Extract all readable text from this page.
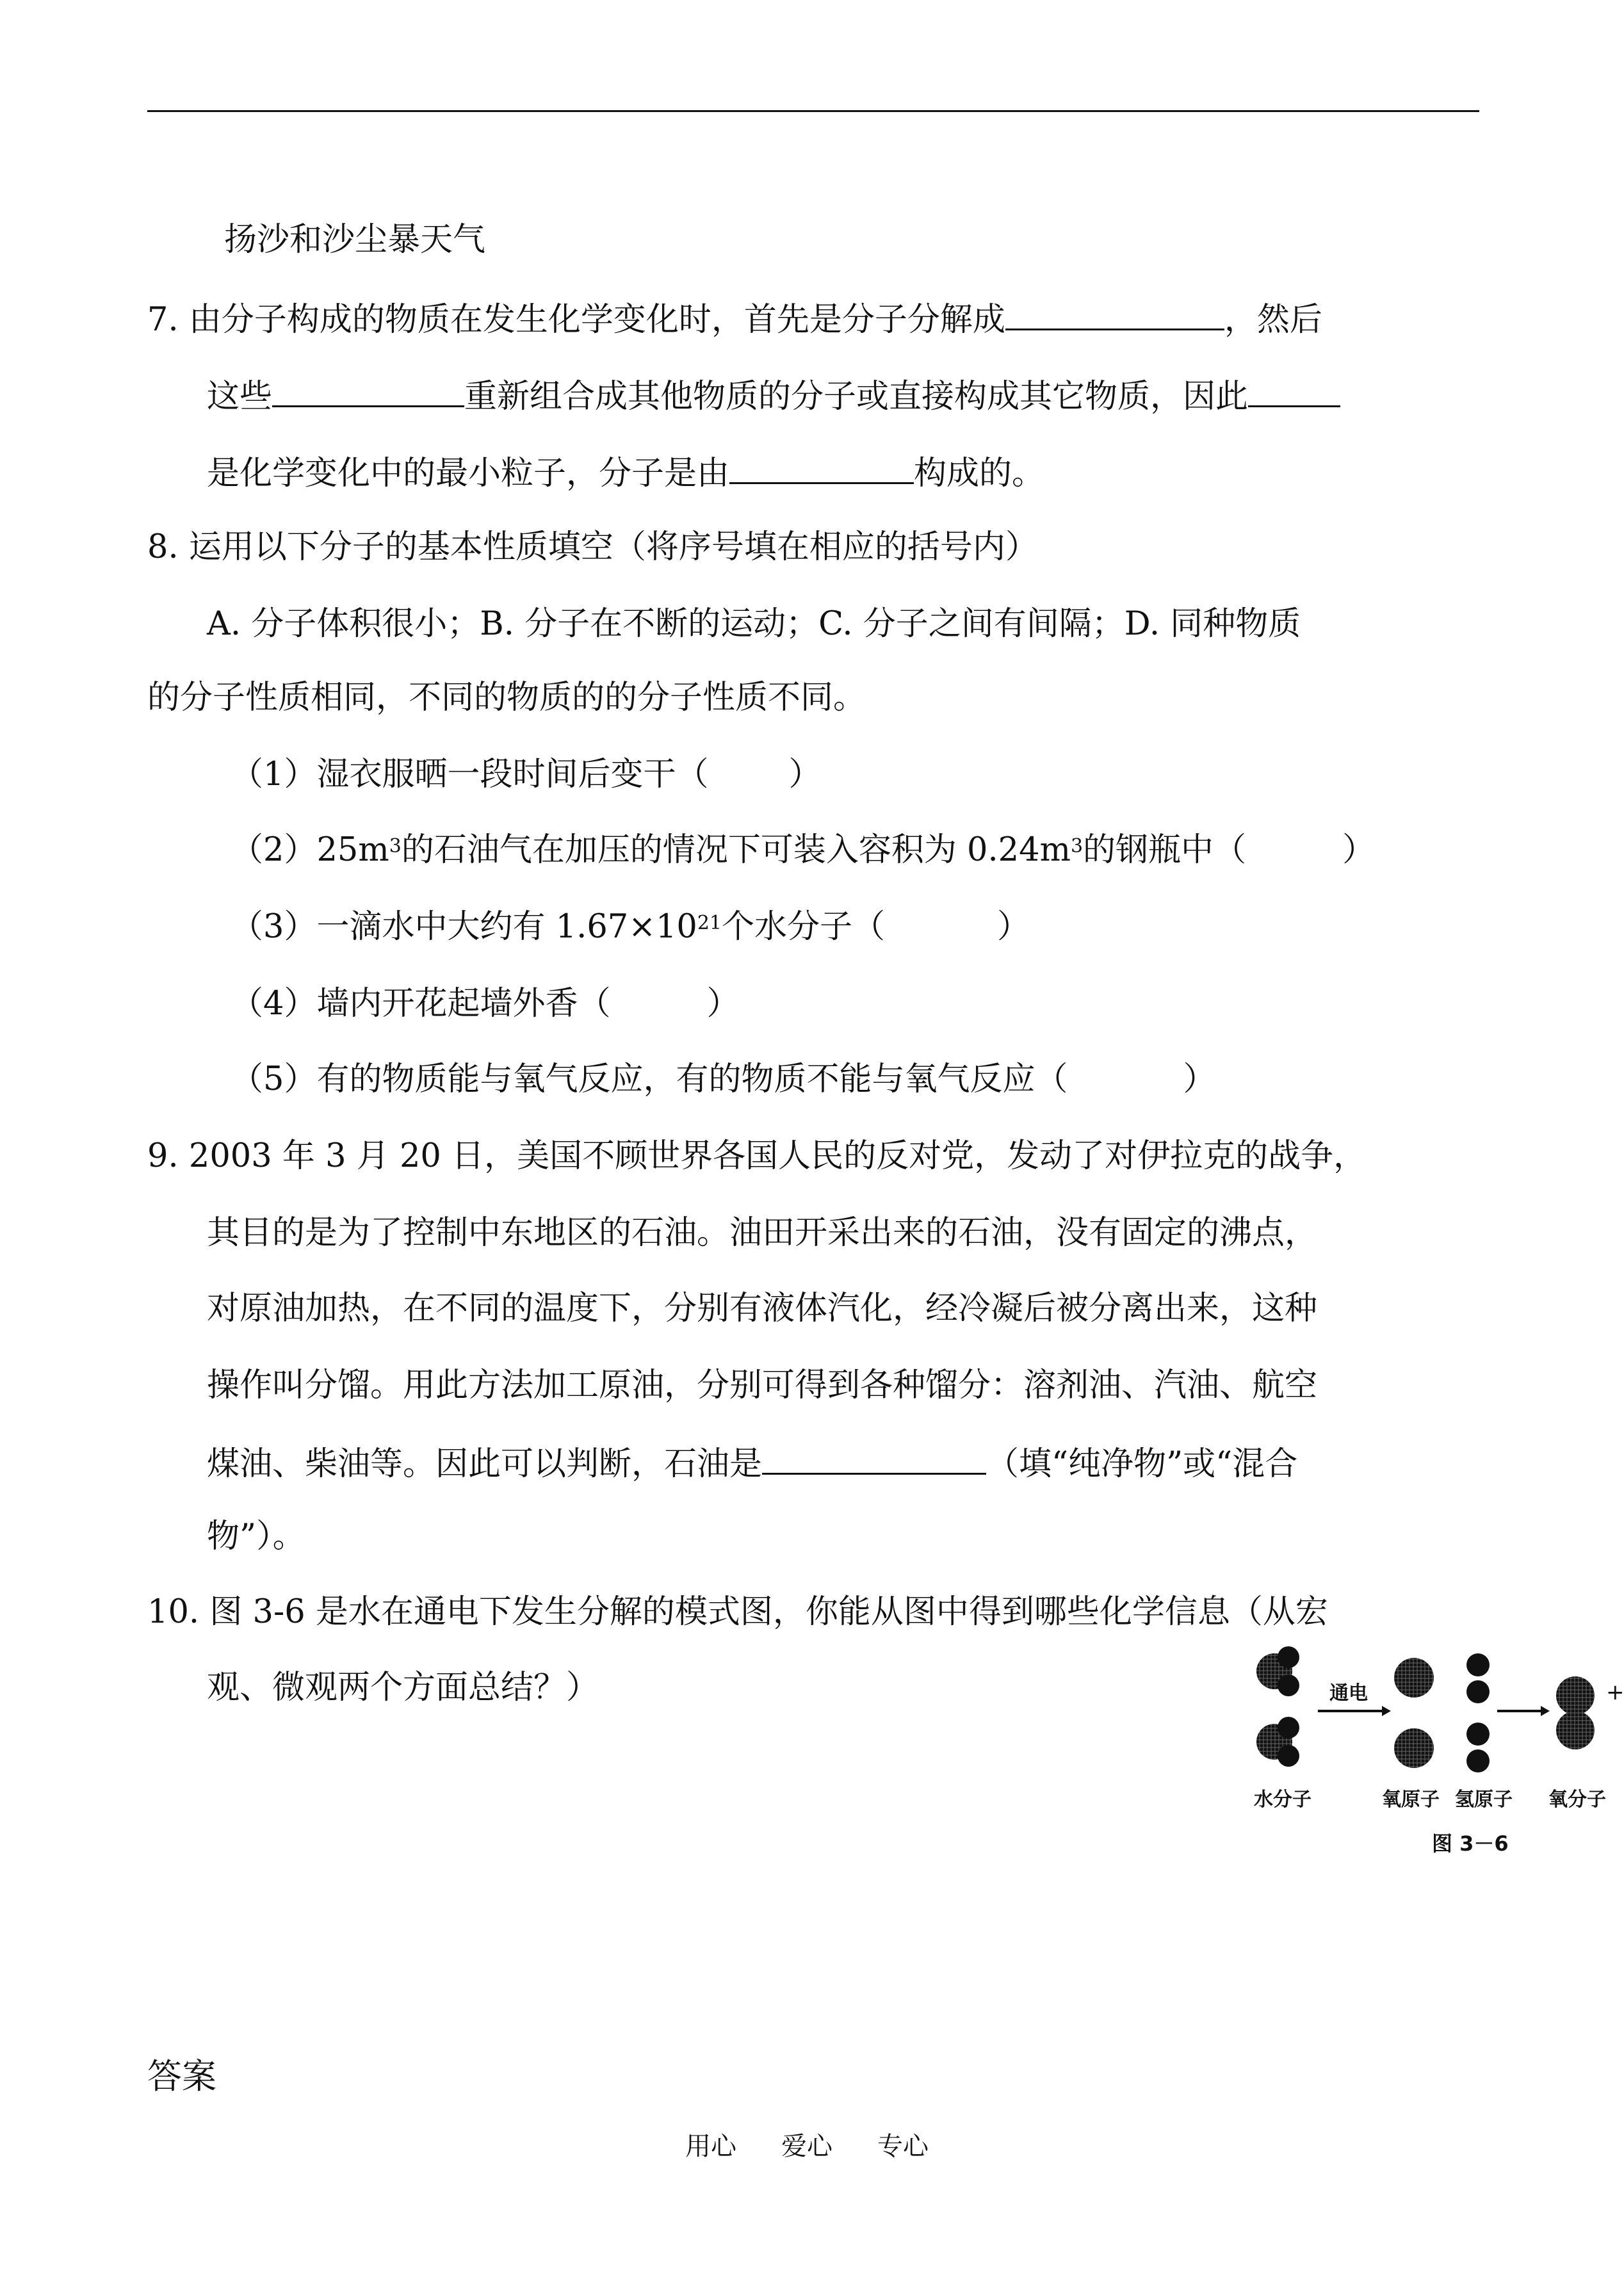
扬沙和沙尘暴天气
7. 由分子构成的物质在发生化学变化时，首先是分子分解成	，然后
这些	重新组合成其他物质的分子或直接构成其它物质，因此
是化学变化中的最小粒子，分子是由	构成的。
8. 运用以下分子的基本性质填空（将序号填在相应的括号内）
A. 分子体积很小；B. 分子在不断的运动；C. 分子之间有间隔；D. 同种物质
的分子性质相同，不同的物质的的分子性质不同。
（1）湿衣服晒一段时间后变干（ ）
$(2)25m^3$的石油气在加压的情况下可装入容积为 $0.24m^3$的钢瓶中（	）
（3）一滴水中大约有 $1.67\times 10^{21}$个水分子（	）
（4）墙内开花起墙外香（	）
（5）有的物质能与氧气反应，有的物质不能与氧气反应（	）
9. 2003 年 3 月 20 日，美国不顾世界各国人民的反对党，发动了对伊拉克的战争，
其目的是为了控制中东地区的石油。油田开采出来的石油，没有固定的沸点，
对原油加热，在不同的温度下，分别有液体汽化，经冷凝后被分离出来，这种
操作叫分馏。用此方法加工原油，分别可得到各种馏分：溶剂油、汽油、航空
煤油、柴油等。因此可以判断，石油是	（填“纯净物”或“混合
物”）。
10. 图 3-6 是水在通电下发生分解的模式图，你能从图中得到哪些化学信息（从宏
观、微观两个方面总结？）	通电	+
水分子	氧原子 氢原子 氧分子
图 3－6
答案
用心 爱心 专心
